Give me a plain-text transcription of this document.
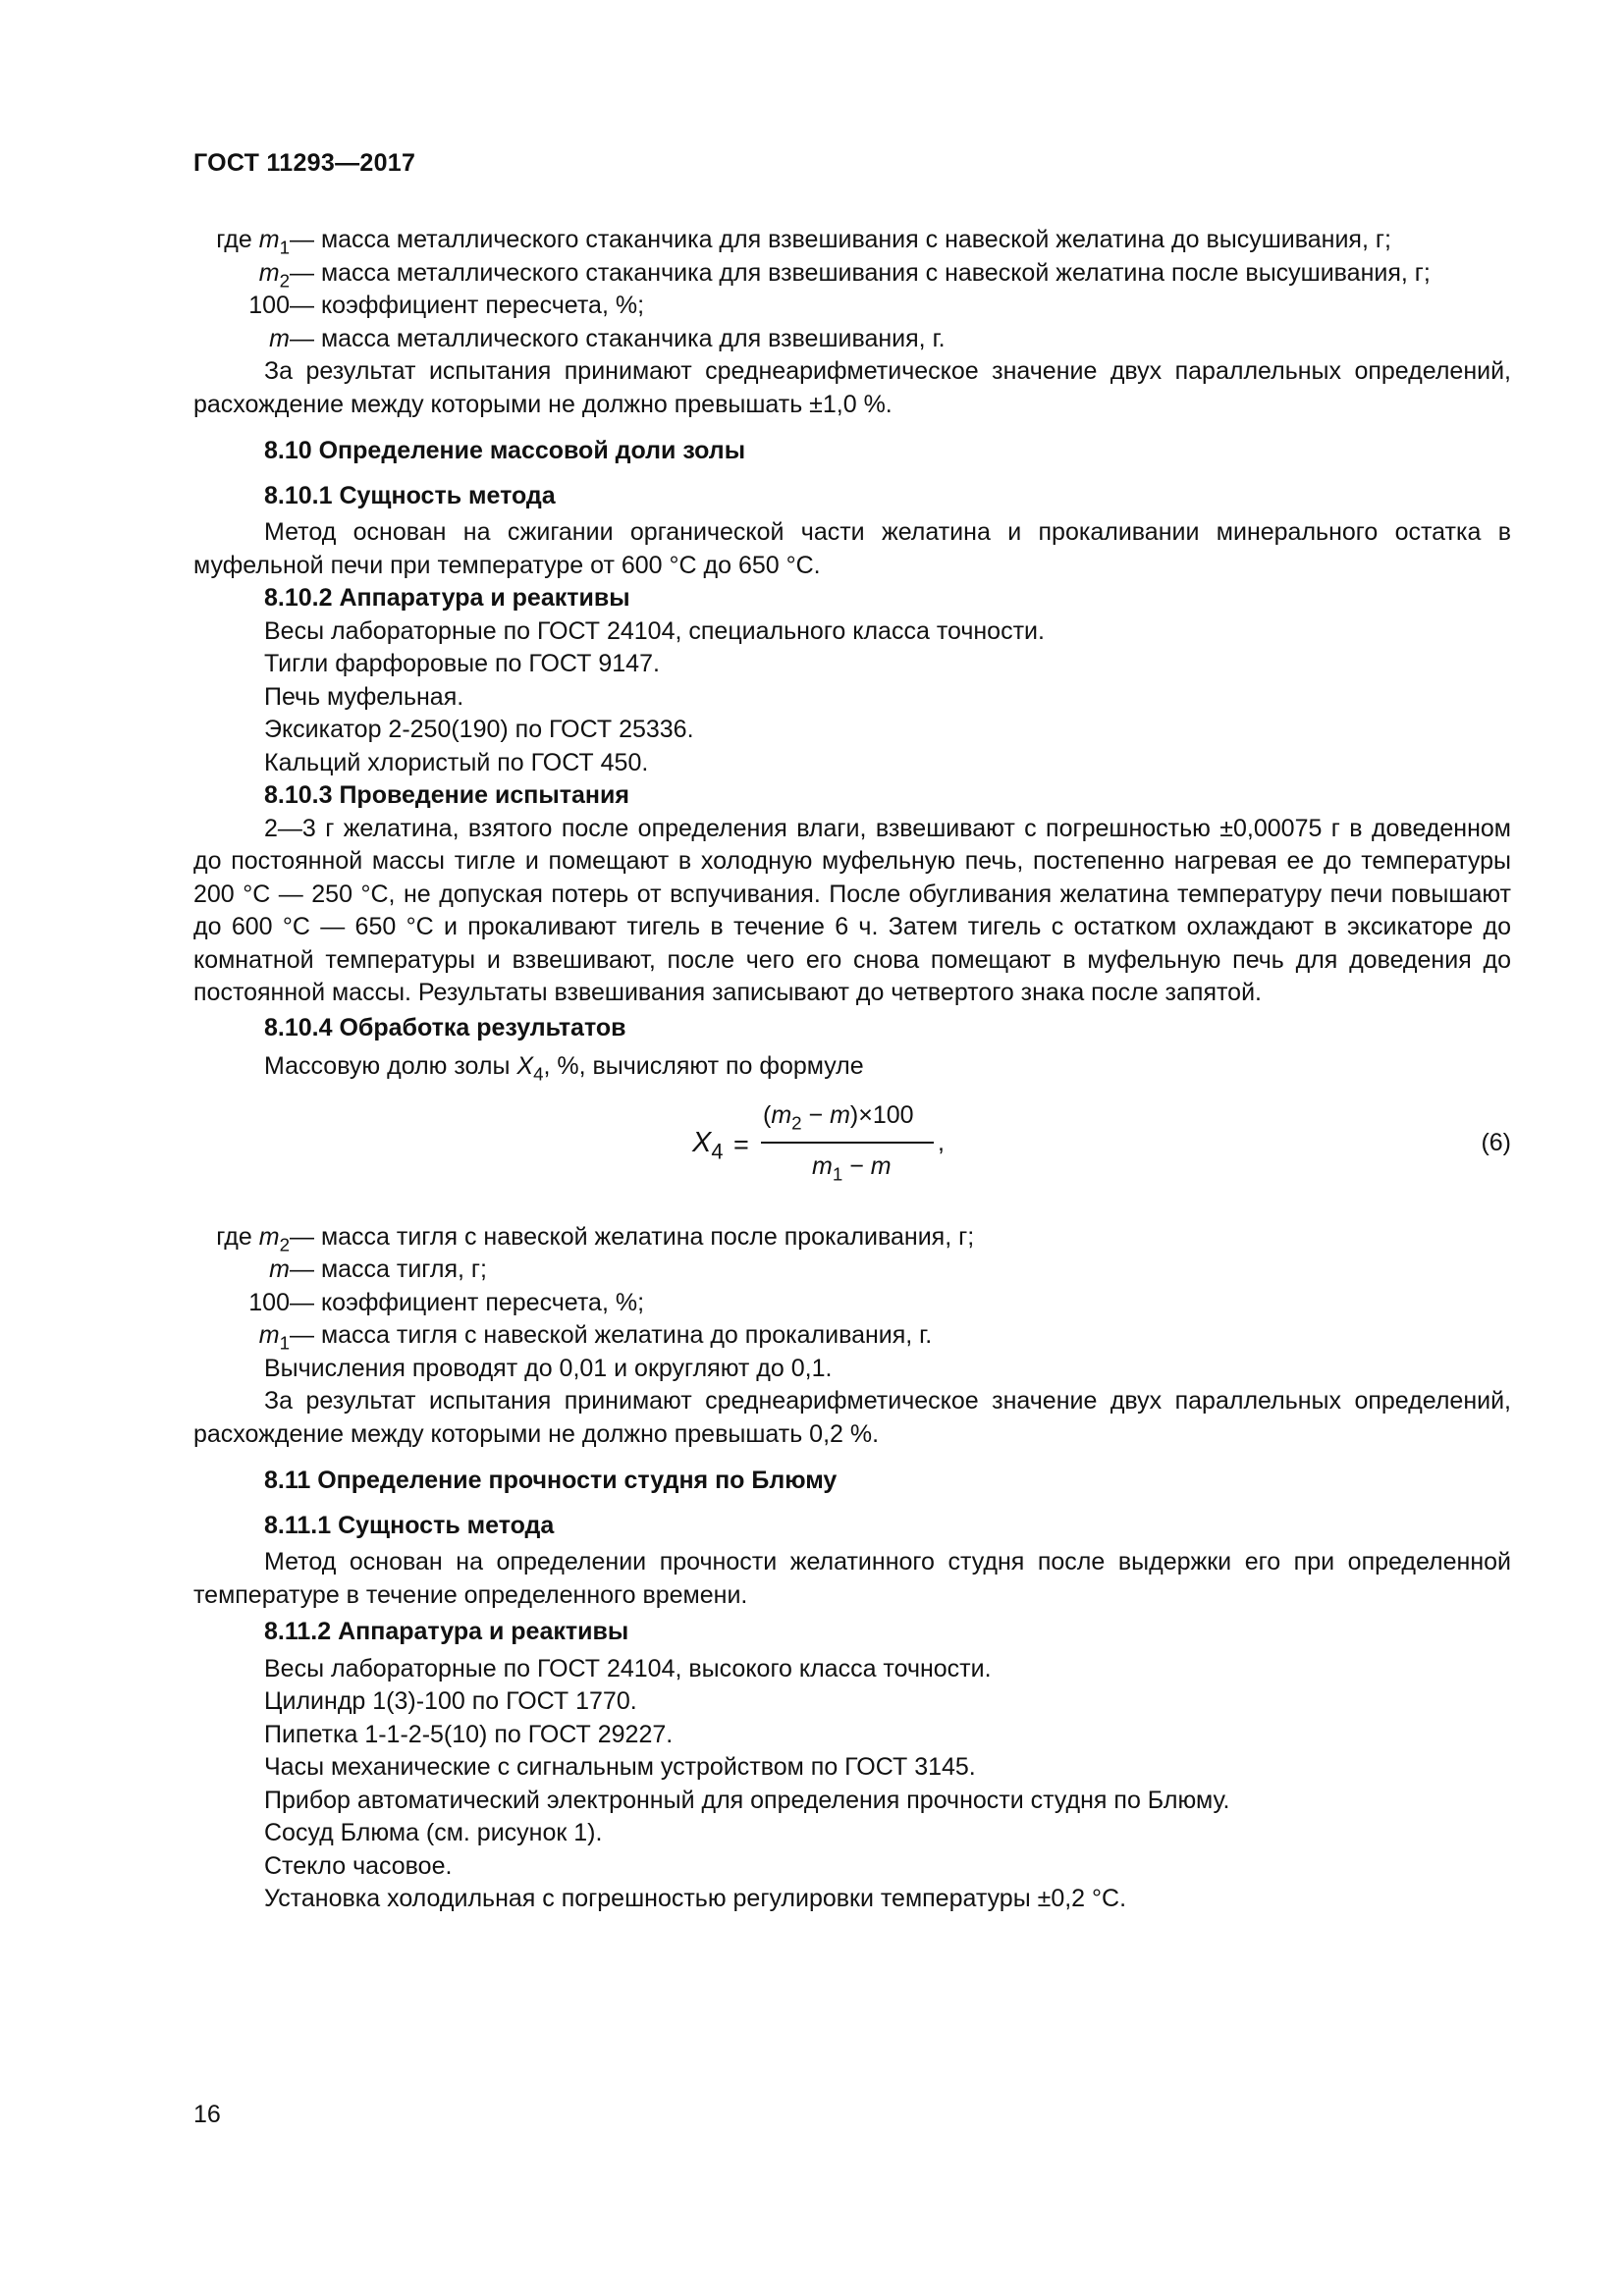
ГОСТ 11293—2017
где $m_1$ — масса металлического стаканчика для взвешивания с навеской желатина до высушивания, г;
$m_2$ — масса металлического стаканчика для взвешивания с навеской желатина после высушивания, г;
100 — коэффициент пересчета, %;
m — масса металлического стаканчика для взвешивания, г.

За результат испытания принимают среднеарифметическое значение двух параллельных определений, расхождение между которыми не должно превышать ±1,0 %.

8.10 Определение массовой доли золы
8.10.1 Сущность метода

Метод основан на сжигании органической части желатина и прокаливании минерального остатка в муфельной печи при температуре от 600 °С до 650 °С.

8.10.2 Аппаратура и реактивы
Весы лабораторные по ГОСТ 24104, специального класса точности.
Тигли фарфоровые по ГОСТ 9147.
Печь муфельная.
Эксикатор 2-250(190) по ГОСТ 25336.
Кальций хлористый по ГОСТ 450.
8.10.3 Проведение испытания

2—3 г желатина, взятого после определения влаги, взвешивают с погрешностью ±0,00075 г в доведенном до постоянной массы тигле и помещают в холодную муфельную печь, постепенно нагревая ее до температуры 200 °С — 250 °С, не допуская потерь от вспучивания. После обугливания желатина температуру печи повышают до 600 °С — 650 °С и прокаливают тигель в течение 6 ч. Затем тигель с остатком охлаждают в эксикаторе до комнатной температуры и взвешивают, после чего его снова помещают в муфельную печь для доведения до постоянной массы. Результаты взвешивания записывают до четвертого знака после запятой.

8.10.4 Обработка результатов
Массовую долю золы $X_4$, %, вычисляют по формуле
$X_4$ =
$(m_2 - m)\times 100$
$m_1 - m$
,	(6)
где $m_2$ — масса тигля с навеской желатина после прокаливания, г;
m — масса тигля, г;
100 — коэффициент пересчета, %;
$m_1$ — масса тигля с навеской желатина до прокаливания, г.
Вычисления проводят до 0,01 и округляют до 0,1.

За результат испытания принимают среднеарифметическое значение двух параллельных определений, расхождение между которыми не должно превышать 0,2 %.

8.11 Определение прочности студня по Блюму
8.11.1 Сущность метода

Метод основан на определении прочности желатинного студня после выдержки его при определенной температуре в течение определенного времени.

8.11.2 Аппаратура и реактивы
Весы лабораторные по ГОСТ 24104, высокого класса точности.
Цилиндр 1(3)-100 по ГОСТ 1770.
Пипетка 1-1-2-5(10) по ГОСТ 29227.
Часы механические с сигнальным устройством по ГОСТ 3145.
Прибор автоматический электронный для определения прочности студня по Блюму.
Сосуд Блюма (см. рисунок 1).
Стекло часовое.
Установка холодильная с погрешностью регулировки температуры ±0,2 °С.
16
